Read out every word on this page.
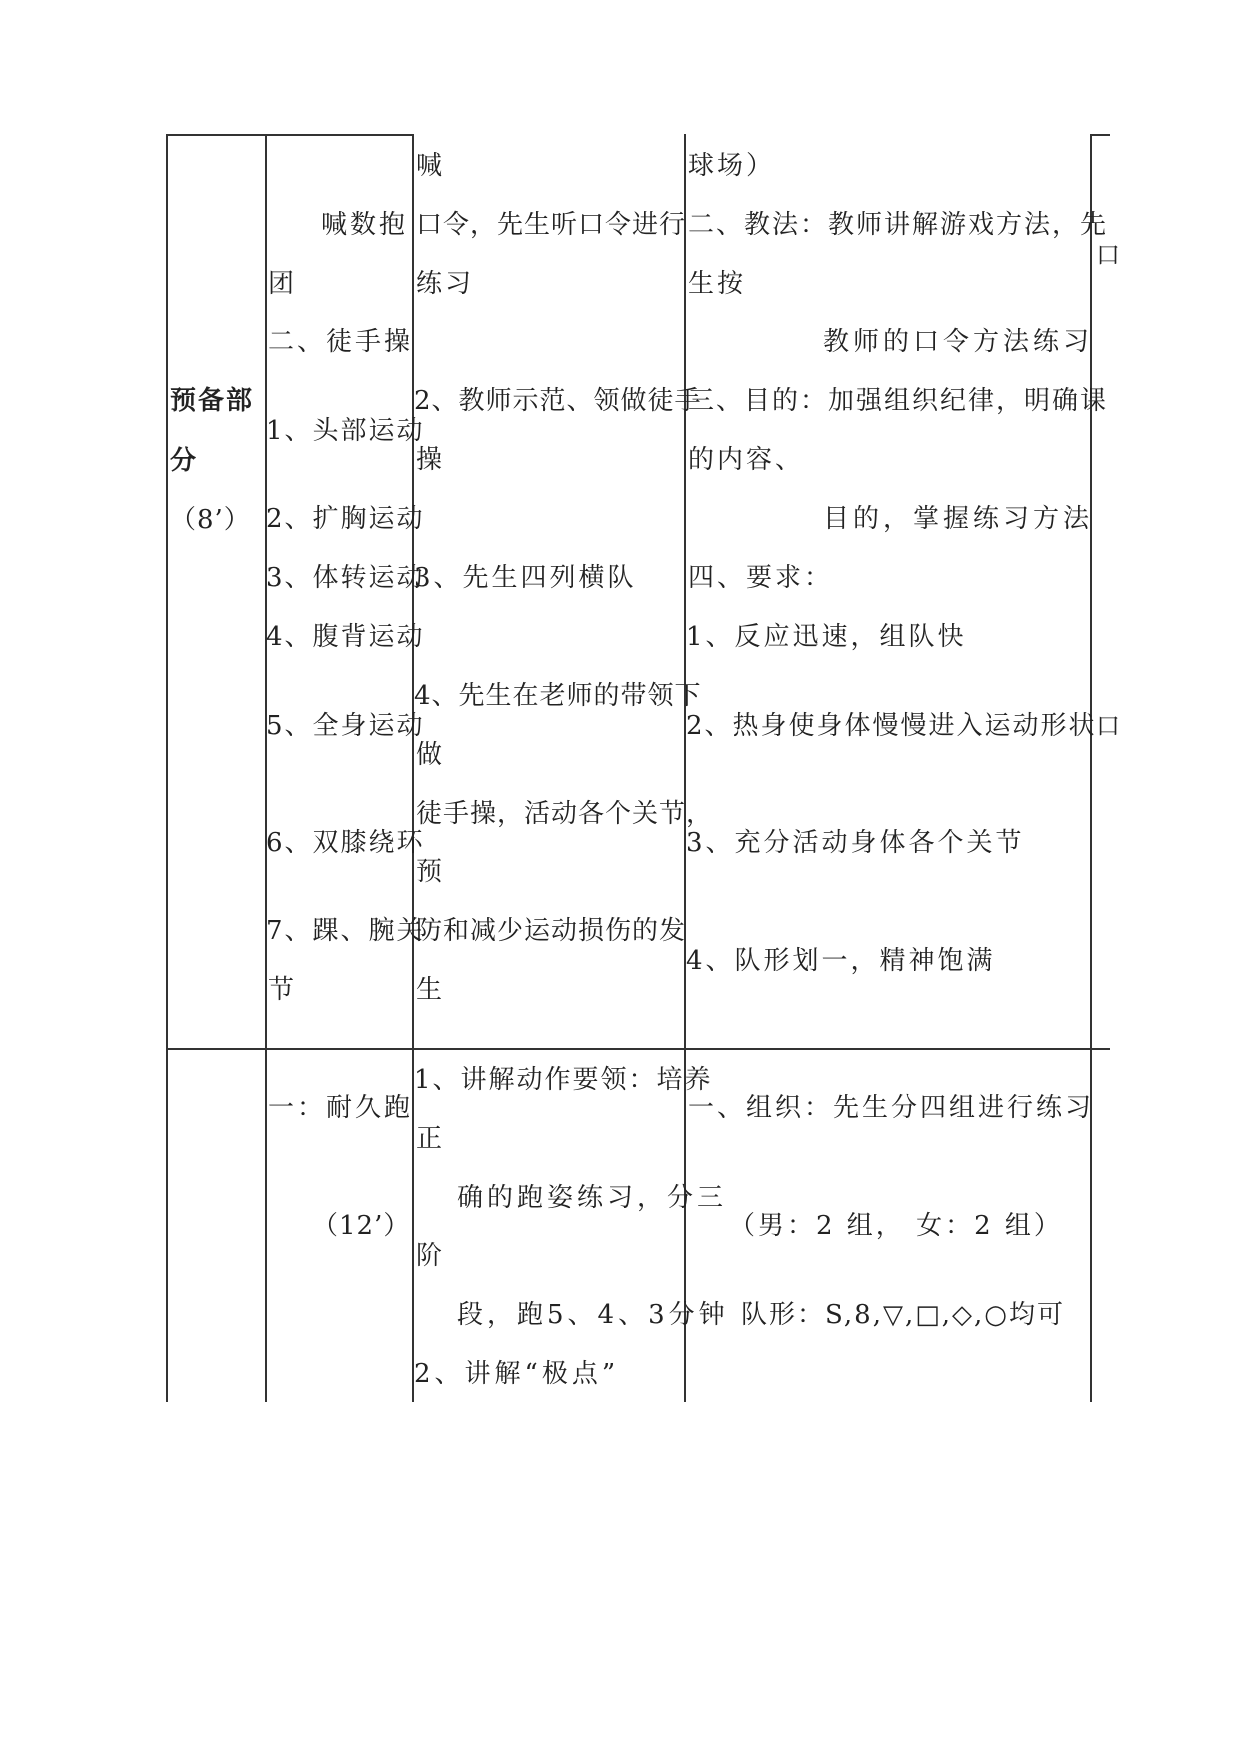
预备部
分
（8’）
喊数抱
团
二、徒手操
1、头部运动
2、扩胸运动
3、体转运动
4、腹背运动
5、全身运动
6、双膝绕环
7、踝、腕关
节
喊
口令，先生听口令进行
练习
2、教师示范、领做徒手
操
3、先生四列横队
4、先生在老师的带领下
做
徒手操，活动各个关节，
预
防和减少运动损伤的发
生
球场）
二、教法：教师讲解游戏方法，先
生按
教师的口令方法练习
三、目的：加强组织纪律，明确课
的内容、
目的，掌握练习方法
四、要求：
1、反应迅速，组队快
2、热身使身体慢慢进入运动形状
3、充分活动身体各个关节
4、队形划一，精神饱满
口
口
一：耐久跑
（12’）
1、讲解动作要领：培养
正
确的跑姿练习，分三
阶
段，跑5、4、3分钟
2、讲解“极点”
一、组织：先生分四组进行练习
（男：2 组， 女：2 组）
队形：S,8,▽,□,◇,○均可
